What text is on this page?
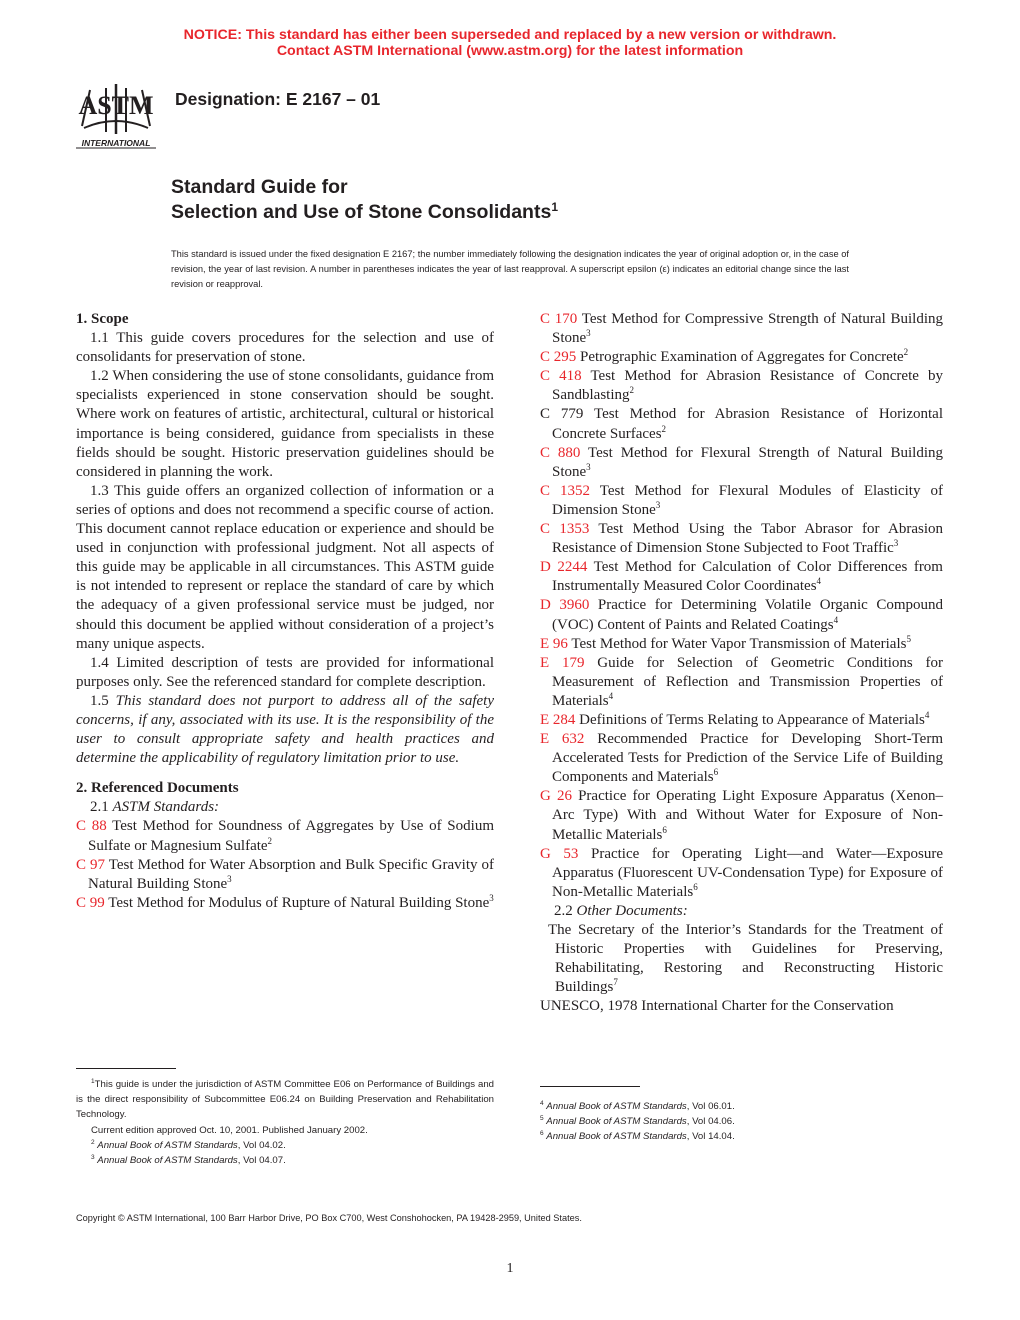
NOTICE: This standard has either been superseded and replaced by a new version or withdrawn.
Contact ASTM International (www.astm.org) for the latest information
ASTM
INTERNATIONAL
Designation: E 2167 – 01
Standard Guide for
Selection and Use of Stone Consolidants$^1$
This standard is issued under the fixed designation E 2167; the number immediately following the designation indicates the year of original adoption or, in the case of revision, the year of last revision. A number in parentheses indicates the year of last reapproval. A superscript epsilon (ε) indicates an editorial change since the last revision or reapproval.

1. Scope

1.1 This guide covers procedures for the selection and use of consolidants for preservation of stone.

1.2 When considering the use of stone consolidants, guidance from specialists experienced in stone conservation should be sought. Where work on features of artistic, architectural, cultural or historical importance is being considered, guidance from specialists in these fields should be sought. Historic preservation guidelines should be considered in planning the work.

1.3 This guide offers an organized collection of information or a series of options and does not recommend a specific course of action. This document cannot replace education or experience and should be used in conjunction with professional judgment. Not all aspects of this guide may be applicable in all circumstances. This ASTM guide is not intended to represent or replace the standard of care by which the adequacy of a given professional service must be judged, nor should this document be applied without consideration of a project’s many unique aspects.

1.4 Limited description of tests are provided for informational purposes only. See the referenced standard for complete description.

1.5 This standard does not purport to address all of the safety concerns, if any, associated with its use. It is the responsibility of the user to consult appropriate safety and health practices and determine the applicability of regulatory limitation prior to use.

2. Referenced Documents

2.1 ASTM Standards:

C 88 Test Method for Soundness of Aggregates by Use of Sodium Sulfate or Magnesium Sulfate$^2$

C 97 Test Method for Water Absorption and Bulk Specific Gravity of Natural Building Stone$^3$

C 99 Test Method for Modulus of Rupture of Natural Building Stone$^3$

C 170 Test Method for Compressive Strength of Natural Building Stone$^3$

C 295 Petrographic Examination of Aggregates for Concrete$^2$

C 418 Test Method for Abrasion Resistance of Concrete by Sandblasting$^2$

C 779 Test Method for Abrasion Resistance of Horizontal Concrete Surfaces$^2$

C 880 Test Method for Flexural Strength of Natural Building Stone$^3$

C 1352 Test Method for Flexural Modules of Elasticity of Dimension Stone$^3$

C 1353 Test Method Using the Tabor Abrasor for Abrasion Resistance of Dimension Stone Subjected to Foot Traffic$^3$

D 2244 Test Method for Calculation of Color Differences from Instrumentally Measured Color Coordinates$^4$

D 3960 Practice for Determining Volatile Organic Compound (VOC) Content of Paints and Related Coatings$^4$

E 96 Test Method for Water Vapor Transmission of Materials$^5$

E 179 Guide for Selection of Geometric Conditions for Measurement of Reflection and Transmission Properties of Materials$^4$

E 284 Definitions of Terms Relating to Appearance of Materials$^4$

E 632 Recommended Practice for Developing Short-Term Accelerated Tests for Prediction of the Service Life of Building Components and Materials$^6$

G 26 Practice for Operating Light Exposure Apparatus (Xenon–Arc Type) With and Without Water for Exposure of Non-Metallic Materials$^6$

G 53 Practice for Operating Light—and Water—Exposure Apparatus (Fluorescent UV-Condensation Type) for Exposure of Non-Metallic Materials$^6$

2.2 Other Documents:

The Secretary of the Interior’s Standards for the Treatment of Historic Properties with Guidelines for Preserving, Rehabilitating, Restoring and Reconstructing Historic Buildings$^7$

UNESCO, 1978 International Charter for the Conservation

$^1$This guide is under the jurisdiction of ASTM Committee E06 on Performance of Buildings and is the direct responsibility of Subcommittee E06.24 on Building Preservation and Rehabilitation Technology.

Current edition approved Oct. 10, 2001. Published January 2002.

$^2$ Annual Book of ASTM Standards, Vol 04.02.

$^3$ Annual Book of ASTM Standards, Vol 04.07.

$^4$ Annual Book of ASTM Standards, Vol 06.01.

$^5$ Annual Book of ASTM Standards, Vol 04.06.

$^6$ Annual Book of ASTM Standards, Vol 14.04.

Copyright © ASTM International, 100 Barr Harbor Drive, PO Box C700, West Conshohocken, PA 19428-2959, United States.
1
